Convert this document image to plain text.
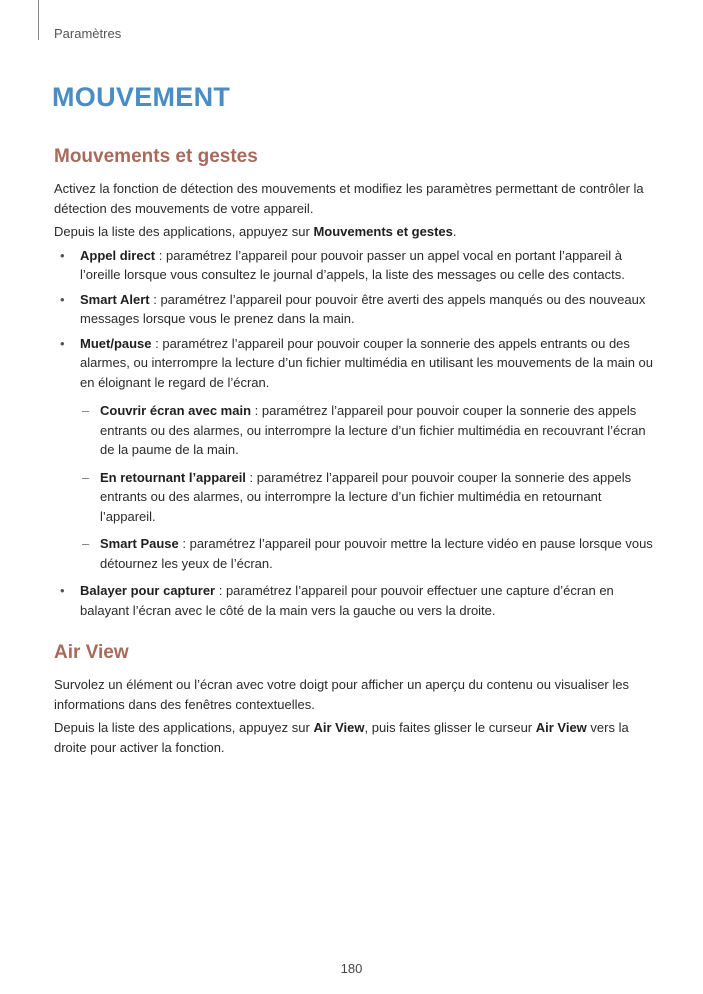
Paramètres
MOUVEMENT
Mouvements et gestes

Activez la fonction de détection des mouvements et modifiez les paramètres permettant de contrôler la détection des mouvements de votre appareil.

Depuis la liste des applications, appuyez sur Mouvements et gestes.

• Appel direct : paramétrez l’appareil pour pouvoir passer un appel vocal en portant l’appareil à l’oreille lorsque vous consultez le journal d’appels, la liste des messages ou celle des contacts.
• Smart Alert : paramétrez l’appareil pour pouvoir être averti des appels manqués ou des nouveaux messages lorsque vous le prenez dans la main.
• Muet/pause : paramétrez l’appareil pour pouvoir couper la sonnerie des appels entrants ou des alarmes, ou interrompre la lecture d’un fichier multimédia en utilisant les mouvements de la main ou en éloignant le regard de l’écran.
– Couvrir écran avec main : paramétrez l’appareil pour pouvoir couper la sonnerie des appels entrants ou des alarmes, ou interrompre la lecture d’un fichier multimédia en recouvrant l’écran de la paume de la main.
– En retournant l’appareil : paramétrez l’appareil pour pouvoir couper la sonnerie des appels entrants ou des alarmes, ou interrompre la lecture d’un fichier multimédia en retournant l’appareil.
– Smart Pause : paramétrez l’appareil pour pouvoir mettre la lecture vidéo en pause lorsque vous détournez les yeux de l’écran.
• Balayer pour capturer : paramétrez l’appareil pour pouvoir effectuer une capture d’écran en balayant l’écran avec le côté de la main vers la gauche ou vers la droite.
Air View

Survolez un élément ou l’écran avec votre doigt pour afficher un aperçu du contenu ou visualiser les informations dans des fenêtres contextuelles.

Depuis la liste des applications, appuyez sur Air View, puis faites glisser le curseur Air View vers la droite pour activer la fonction.

180
